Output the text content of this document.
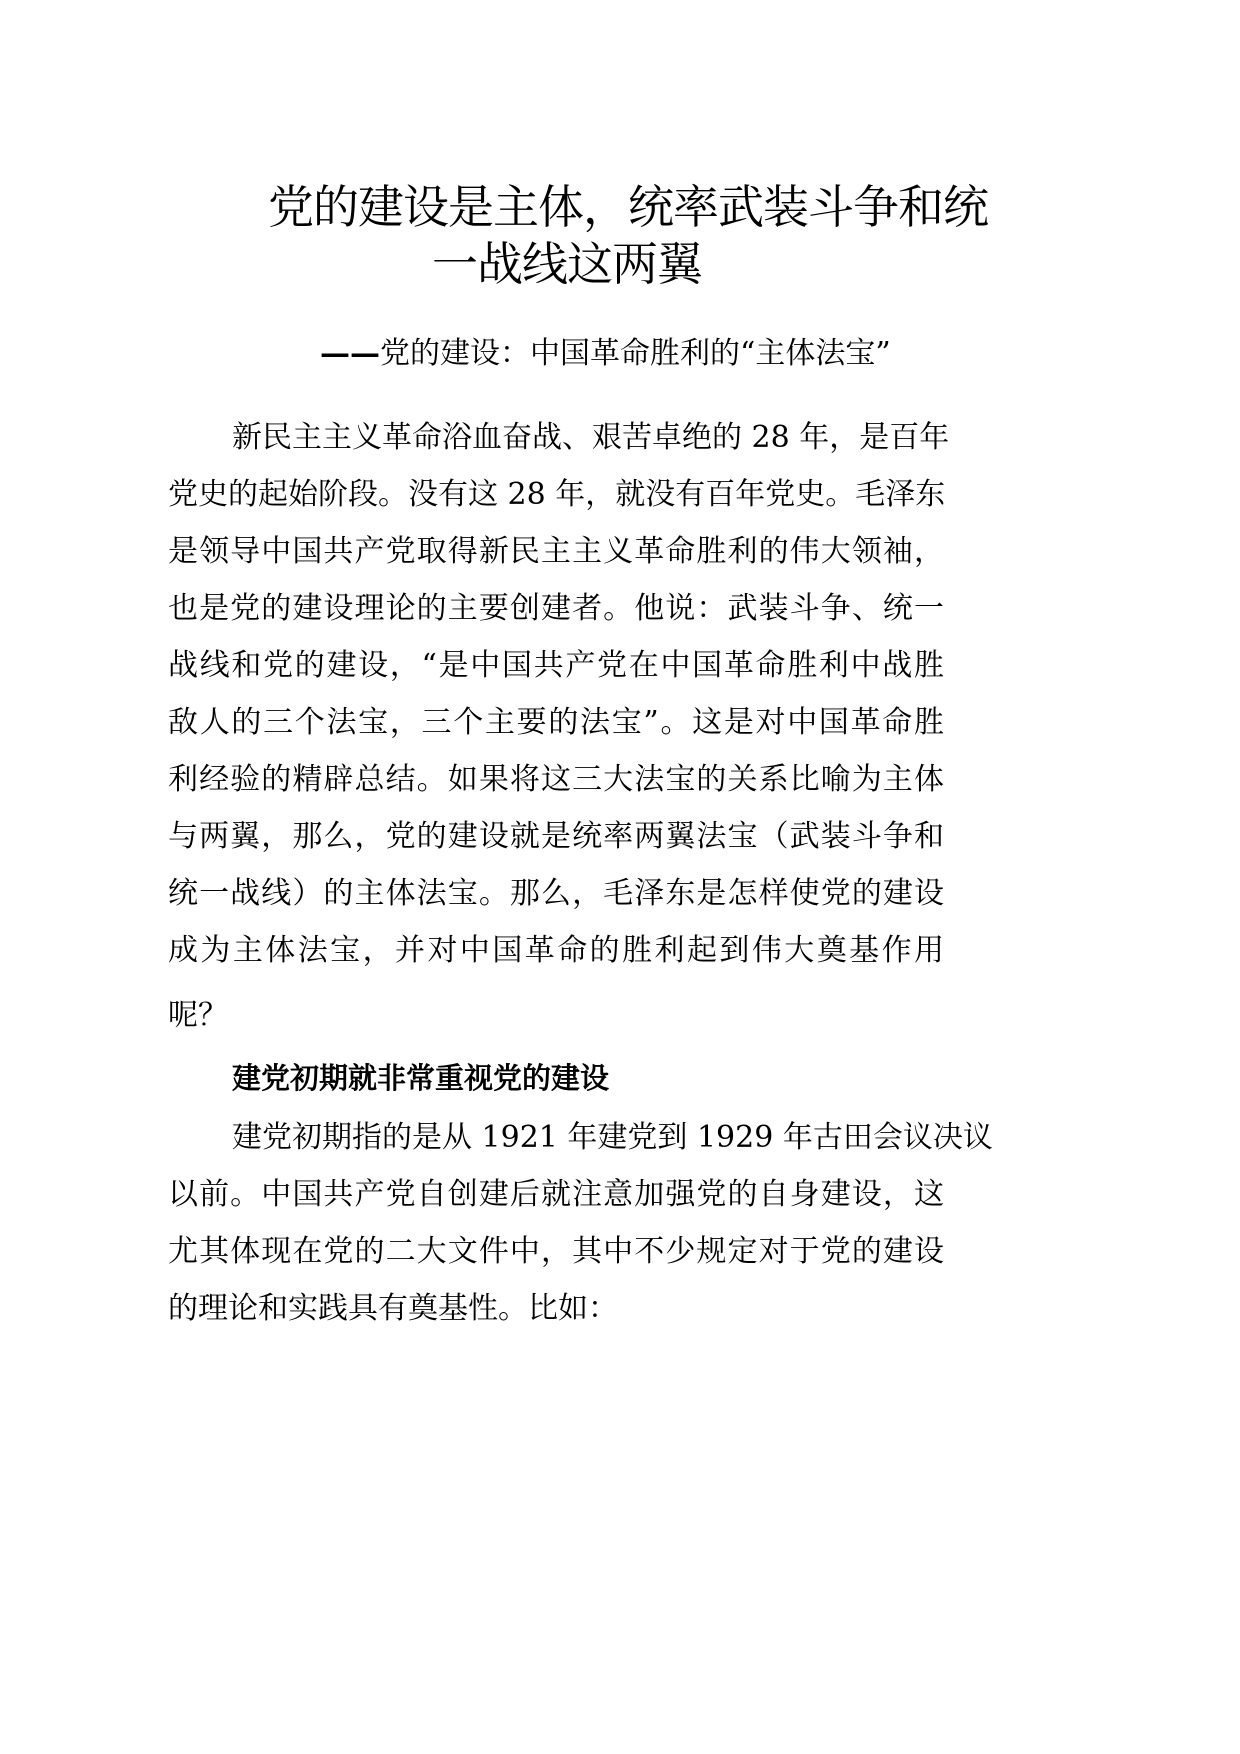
党的建设是主体，统率武装斗争和统
一战线这两翼
——党的建设：中国革命胜利的“主体法宝”
新民主主义革命浴血奋战、艰苦卓绝的 28 年，是百年
党史的起始阶段。没有这 28 年，就没有百年党史。毛泽东
是领导中国共产党取得新民主主义革命胜利的伟大领袖，
也是党的建设理论的主要创建者。他说：武装斗争、统一
战线和党的建设，“是中国共产党在中国革命胜利中战胜
敌人的三个法宝，三个主要的法宝”。这是对中国革命胜
利经验的精辟总结。如果将这三大法宝的关系比喻为主体
与两翼，那么，党的建设就是统率两翼法宝（武装斗争和
统一战线）的主体法宝。那么，毛泽东是怎样使党的建设
成为主体法宝，并对中国革命的胜利起到伟大奠基作用
呢？
建党初期就非常重视党的建设
建党初期指的是从 1921 年建党到 1929 年古田会议决议
以前。中国共产党自创建后就注意加强党的自身建设，这
尤其体现在党的二大文件中，其中不少规定对于党的建设
的理论和实践具有奠基性。比如：
